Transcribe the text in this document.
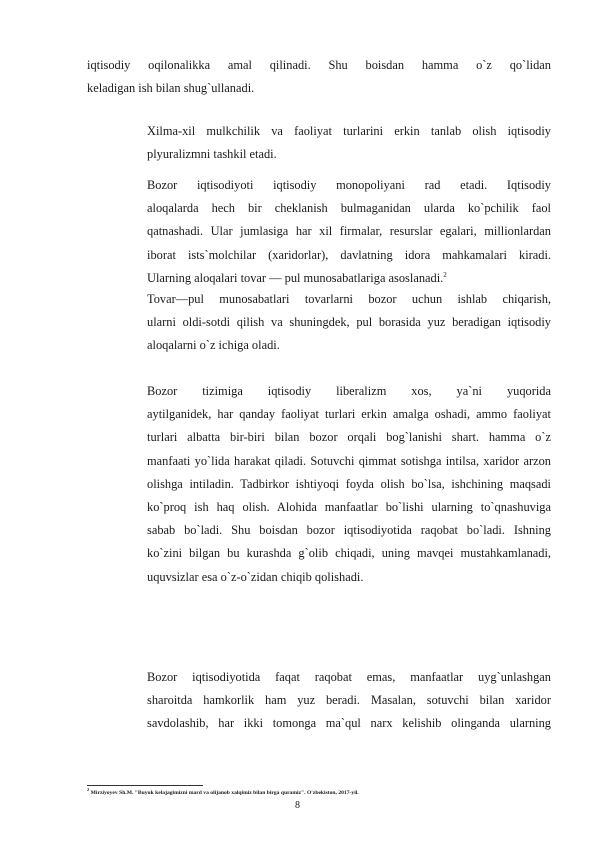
iqtisodiy oqilonalikka amal qilinadi. Shu boisdan hamma o`z qo`lidan
keladigan ish bilan shug`ullanadi.

Xilma-xil mulkchilik va faoliyat turlarini erkin tanlab olish iqtisodiy
plyuralizmni tashkil etadi.

Bozor iqtisodiyoti iqtisodiy monopoliyani rad etadi. Iqtisodiy
aloqalarda hech bir cheklanish bulmaganidan ularda ko`pchilik faol
qatnashadi. Ular jumlasiga har xil firmalar, resurslar egalari, millionlardan
iborat ists`molchilar (xaridorlar), davlatning idora mahkamalari kiradi.
Ularning aloqalari tovar — pul munosabatlariga asoslanadi.$^2$

Tovar—pul munosabatlari tovarlarni bozor uchun ishlab chiqarish,
ularni oldi-sotdi qilish va shuningdek, pul borasida yuz beradigan iqtisodiy
aloqalarni o`z ichiga oladi.

Bozor tizimiga iqtisodiy liberalizm xos, ya`ni yuqorida
aytilganidek, har qanday faoliyat turlari erkin amalga oshadi, ammo faoliyat
turlari albatta bir-biri bilan bozor orqali bog`lanishi shart. hamma o`z
manfaati yo`lida harakat qiladi. Sotuvchi qimmat sotishga intilsa, xaridor arzon
olishga intiladin. Tadbirkor ishtiyoqi foyda olish bo`lsa, ishchining maqsadi
ko`proq ish haq olish. Alohida manfaatlar bo`lishi ularning to`qnashuviga
sabab bo`ladi. Shu boisdan bozor iqtisodiyotida raqobat bo`ladi. Ishning
ko`zini bilgan bu kurashda g`olib chiqadi, uning mavqei mustahkamlanadi,
uquvsizlar esa o`z-o`zidan chiqib qolishadi.

Bozor iqtisodiyotida faqat raqobat emas, manfaatlar uyg`unlashgan
sharoitda hamkorlik ham yuz beradi. Masalan, sotuvchi bilan xaridor
savdolashib, har ikki tomonga ma`qul narx kelishib olinganda ularning

$^2$ Mirziyoyev Sh.M. "Buyuk kelajagimizni mard va olijanob xalqimiz bilan birga quramiz". O'zbekiston, 2017-yil.
8
